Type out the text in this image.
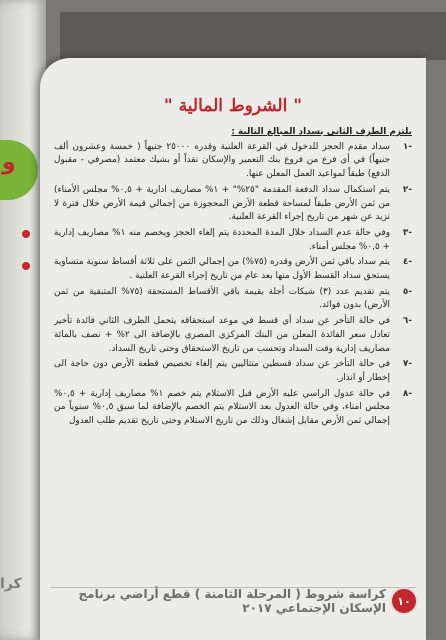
و
كرا
" الشروط المالية "
يلتزم الطرف الثاني بسداد المبالغ التالية :
-١
سداد مقدم الحجز للدخول في القرعة العلنية وقدره ٢٥٠٠٠ جنيهاً ( خمسة وعشرون ألف جنيهاً) في أي فرع من فروع بنك التعمير والإسكان نقداً أو بشيك معتمد (مصرفي - مقبول الدفع) طبقاً لمواعيد العمل المعلن عنها.
-٢
يتم استكمال سداد الدفعة المقدمة "٢٥%" + ١% مصاريف ادارية + ٠,٥% مجلس الأمناء) من ثمن الأرض طبقاً لمساحة قطعة الأرض المحجوزة من إجمالي قيمة الأرض خلال فترة لا تزيد عن شهر من تاريخ إجراء القرعة العلنية.
-٣
وفي حالة عدم السداد خلال المدة المحددة يتم إلغاء الحجز ويخصم منه ١% مصاريف إدارية + ٠,٥% مجلس أمناء.
-٤
يتم سداد باقي ثمن الأرض وقدره (٧٥%) من إجمالي الثمن على ثلاثة أقساط سنوية متساوية يستحق سداد القسط الأول منها بعد عام من تاريخ إجراء القرعة العلنية .
-٥
يتم تقديم عدد (٣) شيكات أجلة بقيمة باقي الأقساط المستحقة (٧٥% المتبقية من ثمن الأرض) بدون فوائد.
-٦
في حالة التأخر عن سداد أي قسط في موعد استحقاقه يتحمل الطرف الثاني فائدة تأخير تعادل سعر الفائدة المعلن من البنك المركزي المصري بالإضافة الى ٢% + نصف بالمائة مصاريف إدارية وقت السداد وتحسب من تاريخ الاستحقاق وحتى تاريخ السداد.
-٧
في حالة التأخر عن سداد قسطين متتاليين يتم إلغاء تخصيص قطعة الأرض دون حاجة الى إخطار أو انذار.
-٨
في حالة عدول الراسي عليه الأرض قبل الاستلام يتم خصم ١% مصاريف إدارية + ٠,٥% مجلس امناء، وفي حالة العدول بعد الاستلام يتم الخصم بالإضافة لما سبق ٠,٥% سنوياً من إجمالي ثمن الأرض مقابل إشغال وذلك من تاريخ الاستلام وحتى تاريخ تقديم طلب العدول
١٠
كراسة شروط ( المرحلة الثامنة ) قطع أراضي برنامج الإسكان الإجتماعي ٢٠١٧
